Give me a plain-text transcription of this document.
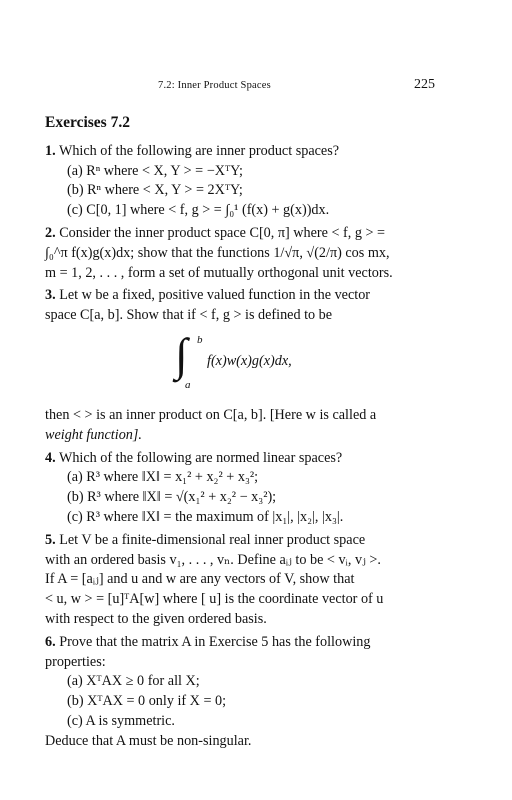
7.2: Inner Product Spaces	225
Exercises 7.2
1. Which of the following are inner product spaces?
(a) Rⁿ where < X, Y > = −XᵀY;
(b) Rⁿ where < X, Y > = 2XᵀY;
(c) C[0, 1] where < f, g > = ∫₀¹ (f(x) + g(x))dx.
2. Consider the inner product space C[0, π] where < f, g > =
∫₀^π f(x)g(x)dx; show that the functions 1/√π, √(2/π) cos mx,
m = 1, 2, . . . , form a set of mutually orthogonal unit vectors.
3. Let w be a fixed, positive valued function in the vector
space C[a, b]. Show that if < f, g > is defined to be
∫ b
a
f(x)w(x)g(x)dx,
then < > is an inner product on C[a, b]. [Here w is called a
weight function].
4. Which of the following are normed linear spaces?
(a) R³ where ‖X‖ = x₁² + x₂² + x₃²;
(b) R³ where ‖X‖ = √(x₁² + x₂² − x₃²);
(c) R³ where ‖X‖ = the maximum of |x₁|, |x₂|, |x₃|.
5. Let V be a finite-dimensional real inner product space
with an ordered basis v₁, . . . , vₙ. Define aᵢⱼ to be < vᵢ, vⱼ >.
If A = [aᵢⱼ] and u and w are any vectors of V, show that
< u, w > = [u]ᵀA[w] where [ u] is the coordinate vector of u
with respect to the given ordered basis.
6. Prove that the matrix A in Exercise 5 has the following
properties:
(a) XᵀAX ≥ 0 for all X;
(b) XᵀAX = 0 only if X = 0;
(c) A is symmetric.
Deduce that A must be non-singular.
